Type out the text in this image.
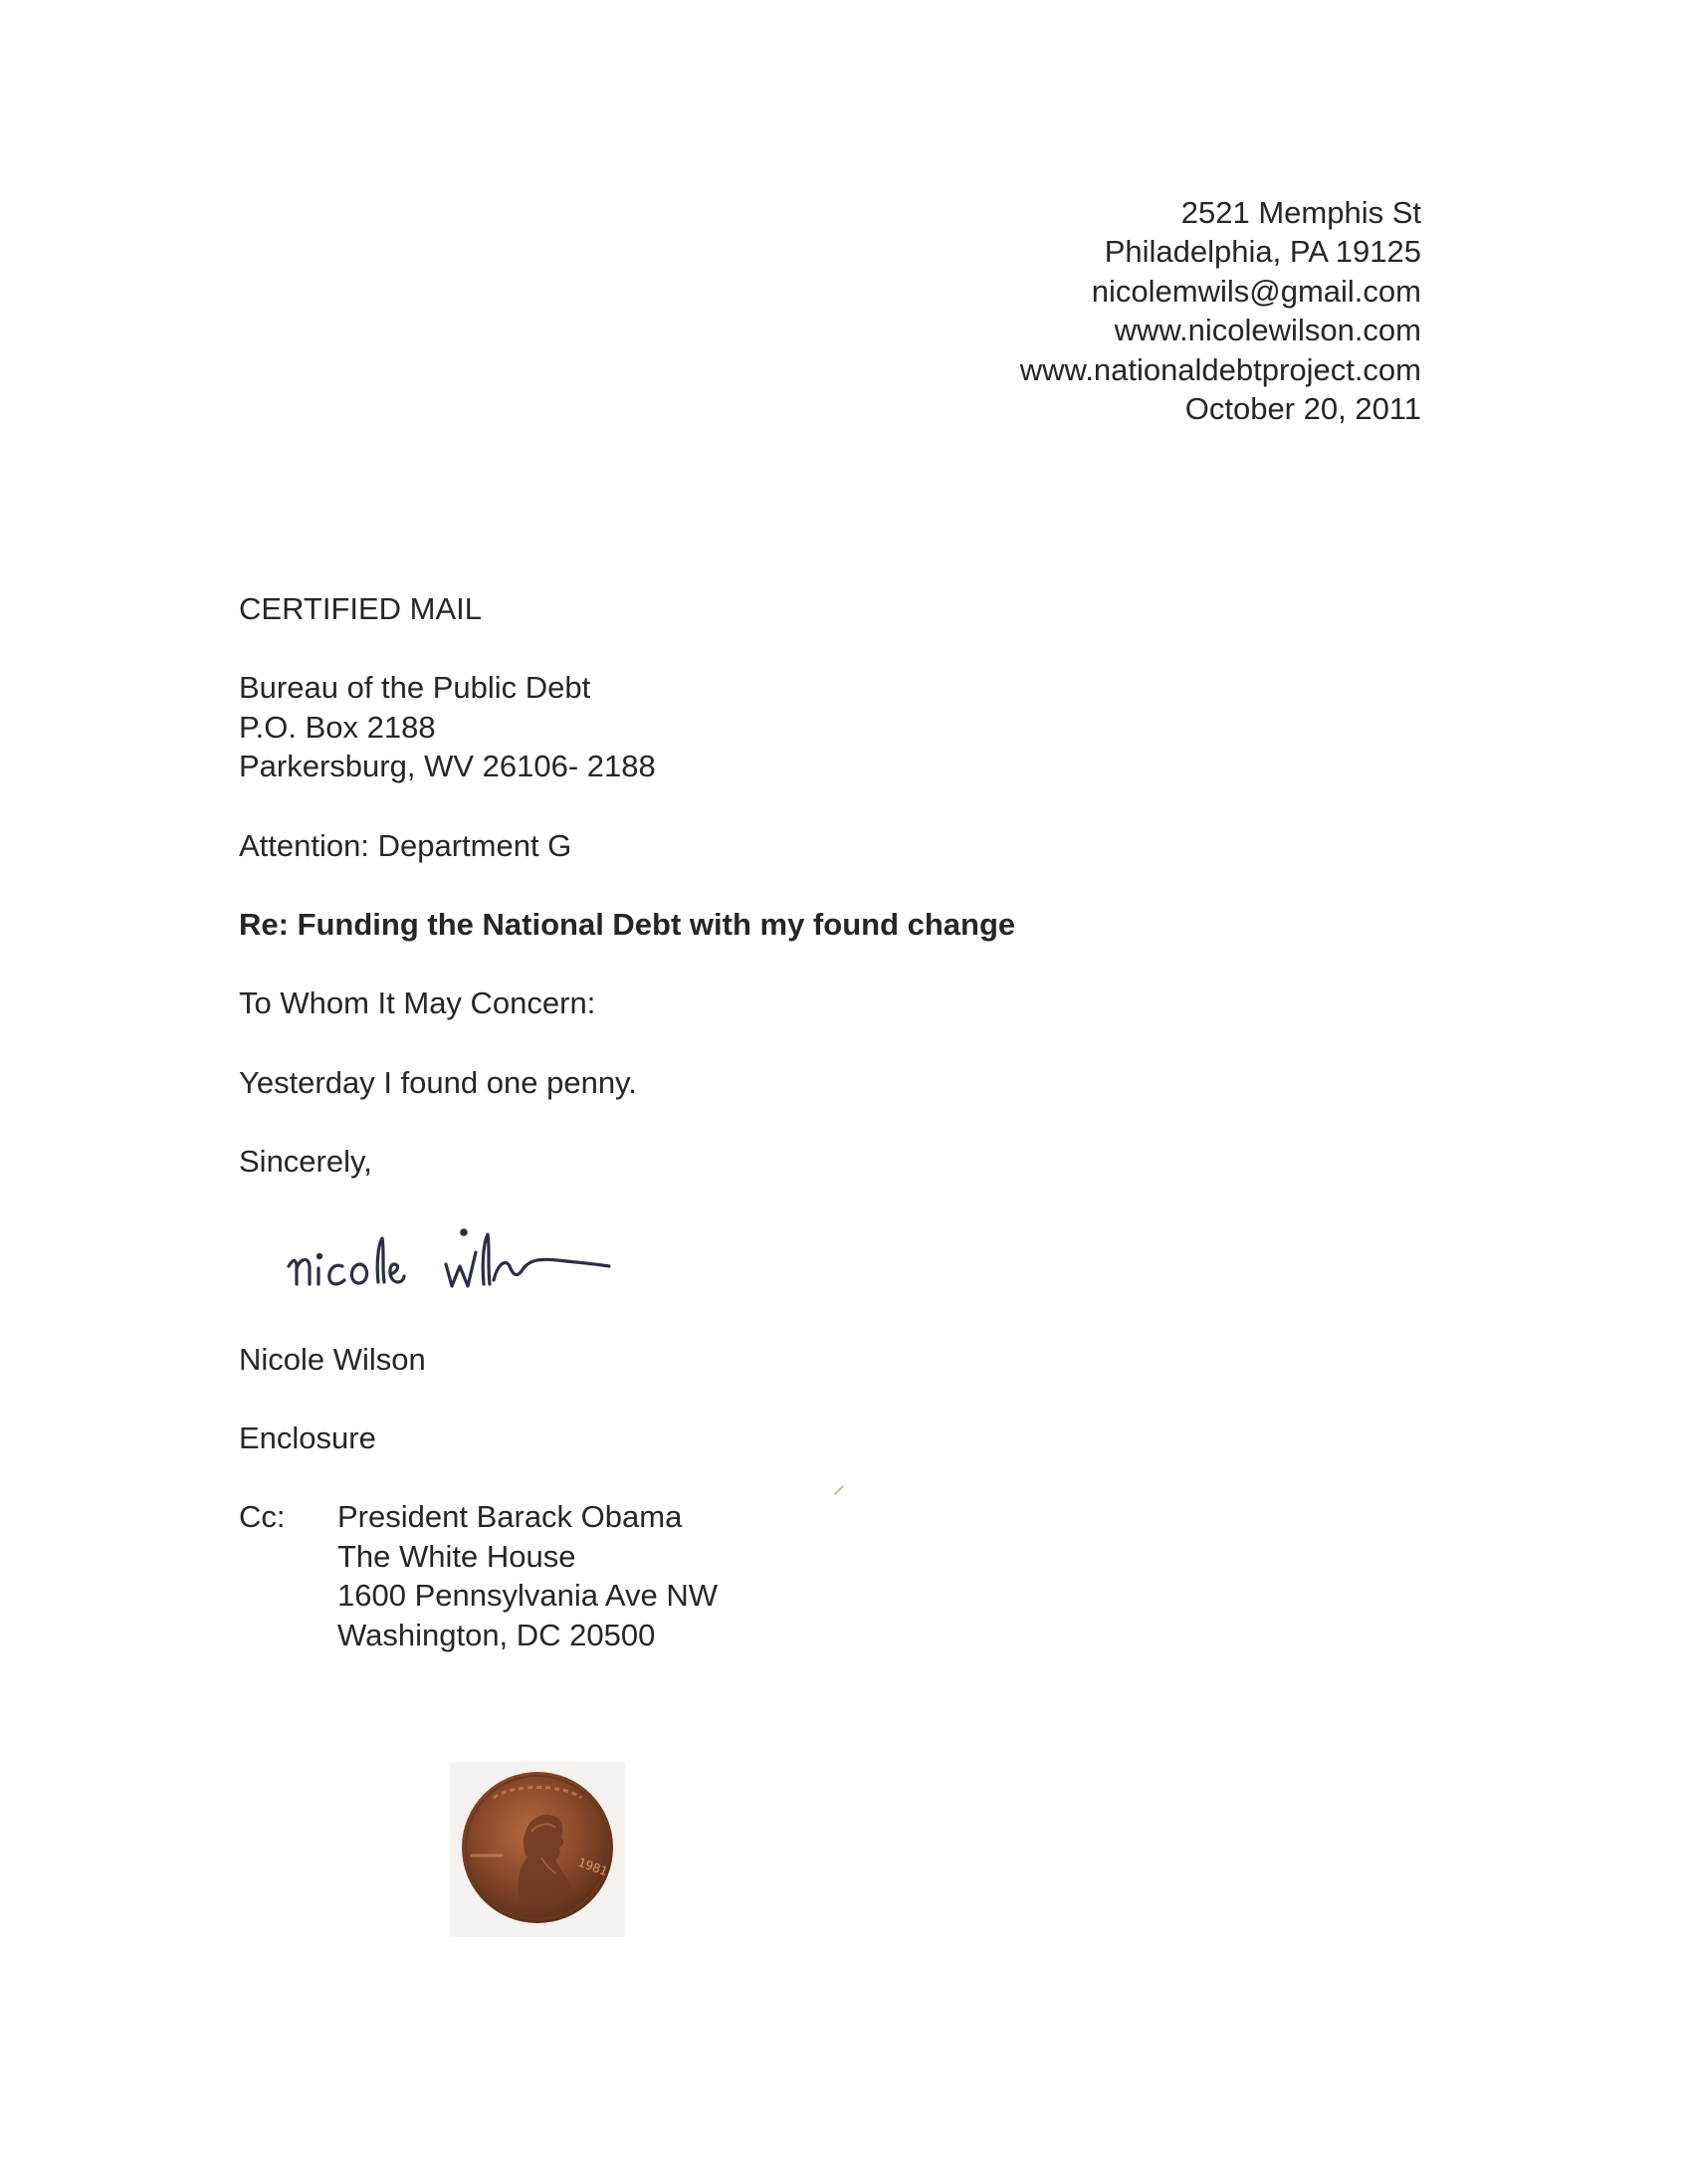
2521 Memphis St

Philadelphia, PA 19125

nicolemwils@gmail.com

www.nicolewilson.com

www.nationaldebtproject.com

October 20, 2011

CERTIFIED MAIL

Bureau of the Public Debt

P.O. Box 2188

Parkersburg, WV 26106- 2188

Attention: Department G

Re: Funding the National Debt with my found change

To Whom It May Concern:

Yesterday I found one penny.

Sincerely,

Nicole Wilson

Enclosure

Cc: President Barack Obama
The White House
1600 Pennsylvania Ave NW
Washington, DC 20500
1981
